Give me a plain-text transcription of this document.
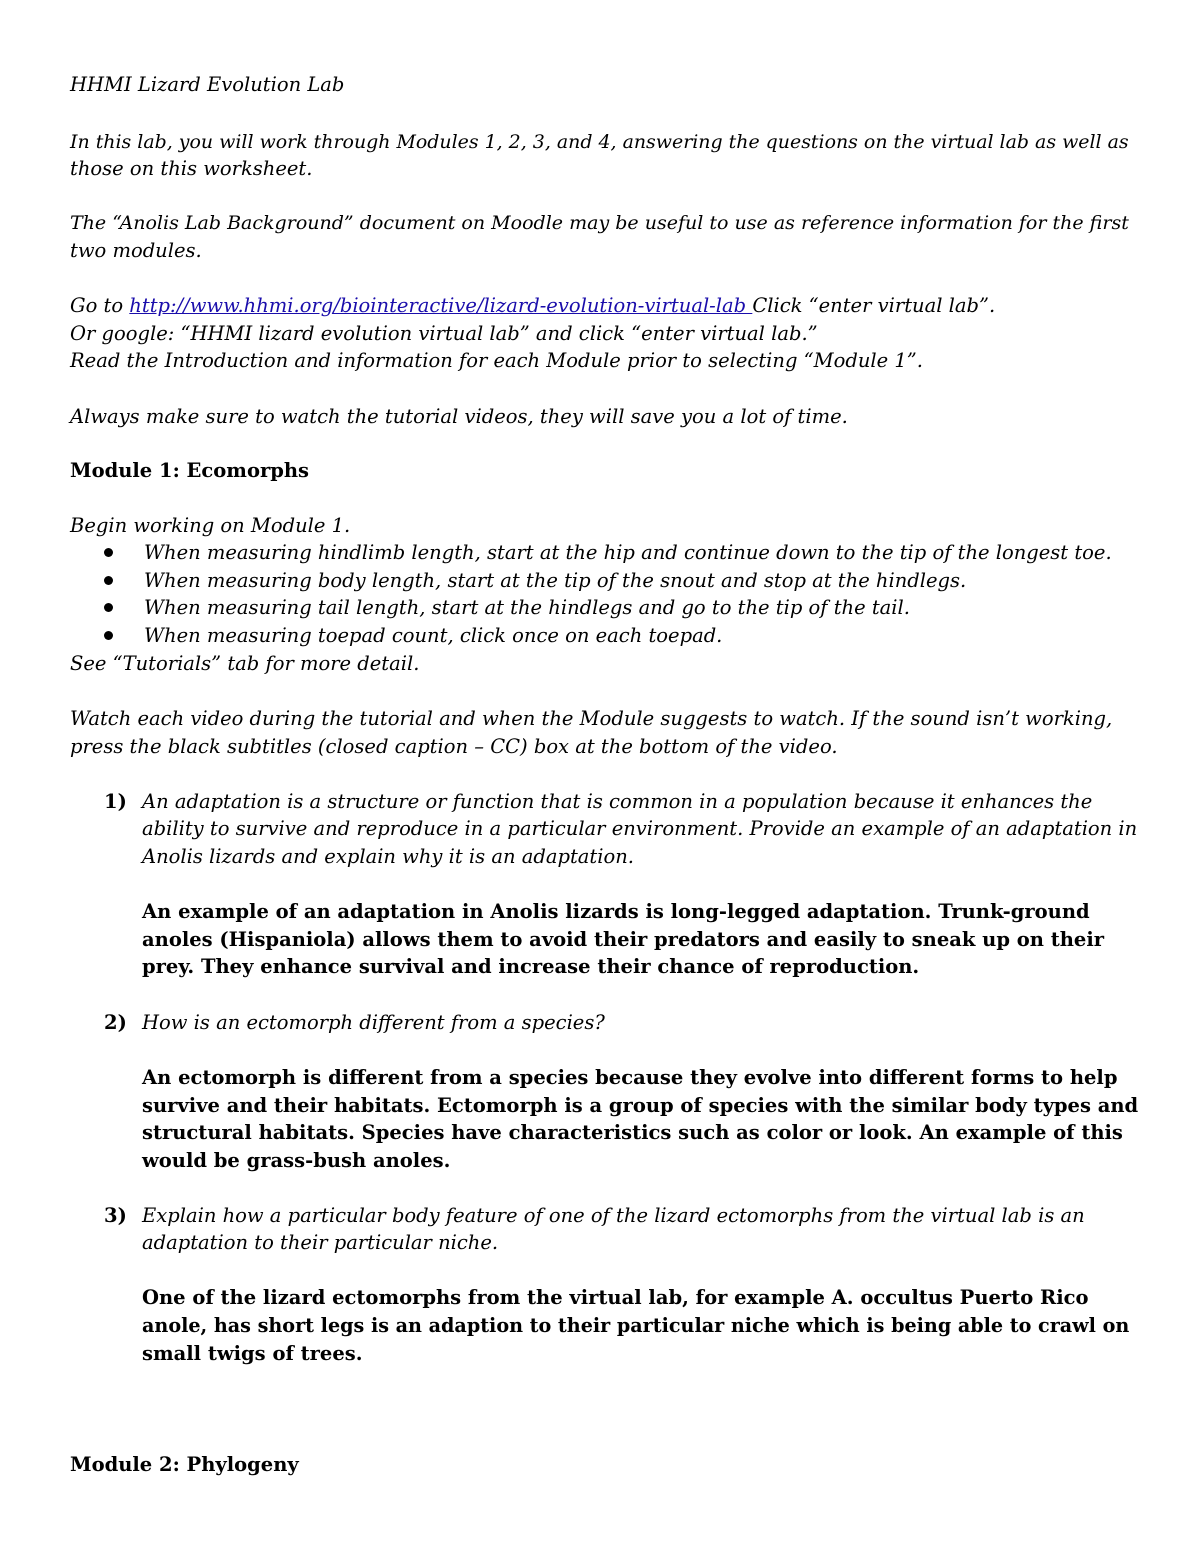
HHMI Lizard Evolution Lab
In this lab, you will work through Modules 1, 2, 3, and 4, answering the questions on the virtual lab as well as
those on this worksheet.
The “Anolis Lab Background” document on Moodle may be useful to use as reference information for the first
two modules.
Go to http://www.hhmi.org/biointeractive/lizard-evolution-virtual-lab Click “enter virtual lab”.
Or google: “HHMI lizard evolution virtual lab” and click “enter virtual lab.”
Read the Introduction and information for each Module prior to selecting “Module 1”.
Always make sure to watch the tutorial videos, they will save you a lot of time.
Module 1: Ecomorphs
Begin working on Module 1.
When measuring hindlimb length, start at the hip and continue down to the tip of the longest toe.
When measuring body length, start at the tip of the snout and stop at the hindlegs.
When measuring tail length, start at the hindlegs and go to the tip of the tail.
When measuring toepad count, click once on each toepad.
See “Tutorials” tab for more detail.
Watch each video during the tutorial and when the Module suggests to watch. If the sound isn’t working,
press the black subtitles (closed caption – CC) box at the bottom of the video.
1) An adaptation is a structure or function that is common in a population because it enhances the
ability to survive and reproduce in a particular environment. Provide an example of an adaptation in
Anolis lizards and explain why it is an adaptation.
An example of an adaptation in Anolis lizards is long-legged adaptation. Trunk-ground
anoles (Hispaniola) allows them to avoid their predators and easily to sneak up on their
prey. They enhance survival and increase their chance of reproduction.
2) How is an ectomorph different from a species?
An ectomorph is different from a species because they evolve into different forms to help
survive and their habitats. Ectomorph is a group of species with the similar body types and
structural habitats. Species have characteristics such as color or look. An example of this
would be grass-bush anoles.
3) Explain how a particular body feature of one of the lizard ectomorphs from the virtual lab is an
adaptation to their particular niche.
One of the lizard ectomorphs from the virtual lab, for example A. occultus Puerto Rico
anole, has short legs is an adaption to their particular niche which is being able to crawl on
small twigs of trees.
Module 2: Phylogeny
